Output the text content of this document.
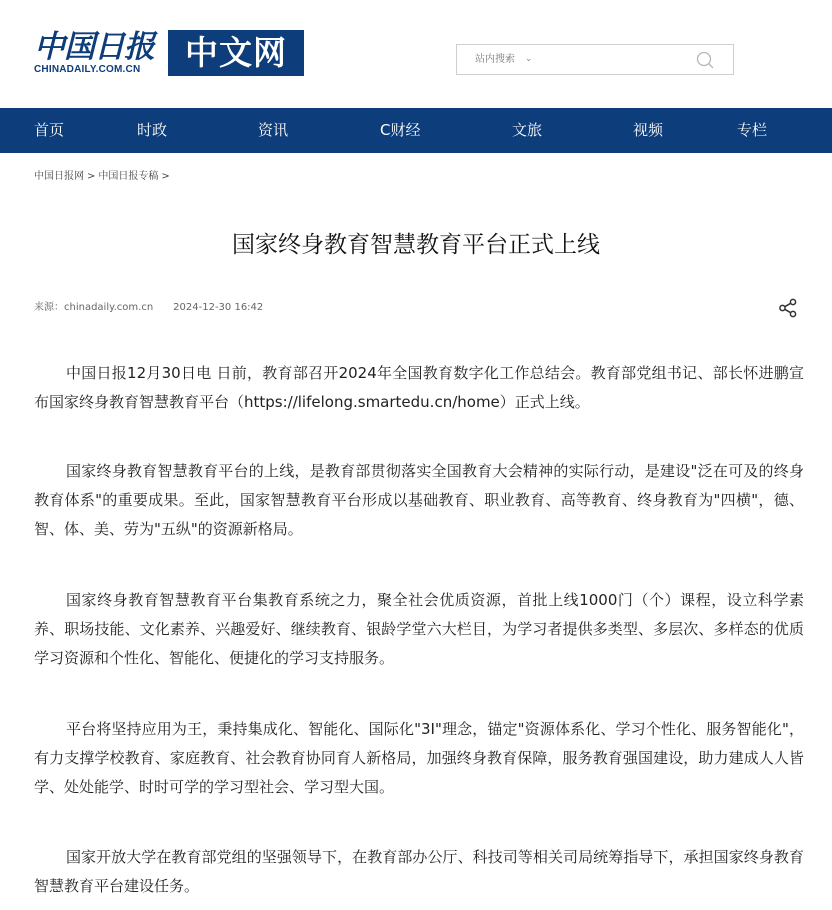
中国日报
CHINADAILY.COM.CN	中文网	站内搜索 ⌄
首页	时政	资讯	C财经	文旅	视频	专栏
中国日报网 > 中国日报专稿 >
国家终身教育智慧教育平台正式上线
来源：chinadaily.com.cn 2024-12-30 16:42

中国日报12月30日电 日前，教育部召开2024年全国教育数字化工作总结会。教育部党组书记、部长怀进鹏宣布国家终身教育智慧教育平台（https://lifelong.smartedu.cn/home）正式上线。

国家终身教育智慧教育平台的上线，是教育部贯彻落实全国教育大会精神的实际行动，是建设"泛在可及的终身教育体系"的重要成果。至此，国家智慧教育平台形成以基础教育、职业教育、高等教育、终身教育为"四横"，德、智、体、美、劳为"五纵"的资源新格局。

国家终身教育智慧教育平台集教育系统之力，聚全社会优质资源，首批上线1000门（个）课程，设立科学素养、职场技能、文化素养、兴趣爱好、继续教育、银龄学堂六大栏目，为学习者提供多类型、多层次、多样态的优质学习资源和个性化、智能化、便捷化的学习支持服务。

平台将坚持应用为王，秉持集成化、智能化、国际化"3I"理念，锚定"资源体系化、学习个性化、服务智能化"，有力支撑学校教育、家庭教育、社会教育协同育人新格局，加强终身教育保障，服务教育强国建设，助力建成人人皆学、处处能学、时时可学的学习型社会、学习型大国。

国家开放大学在教育部党组的坚强领导下，在教育部办公厅、科技司等相关司局统筹指导下，承担国家终身教育智慧教育平台建设任务。
